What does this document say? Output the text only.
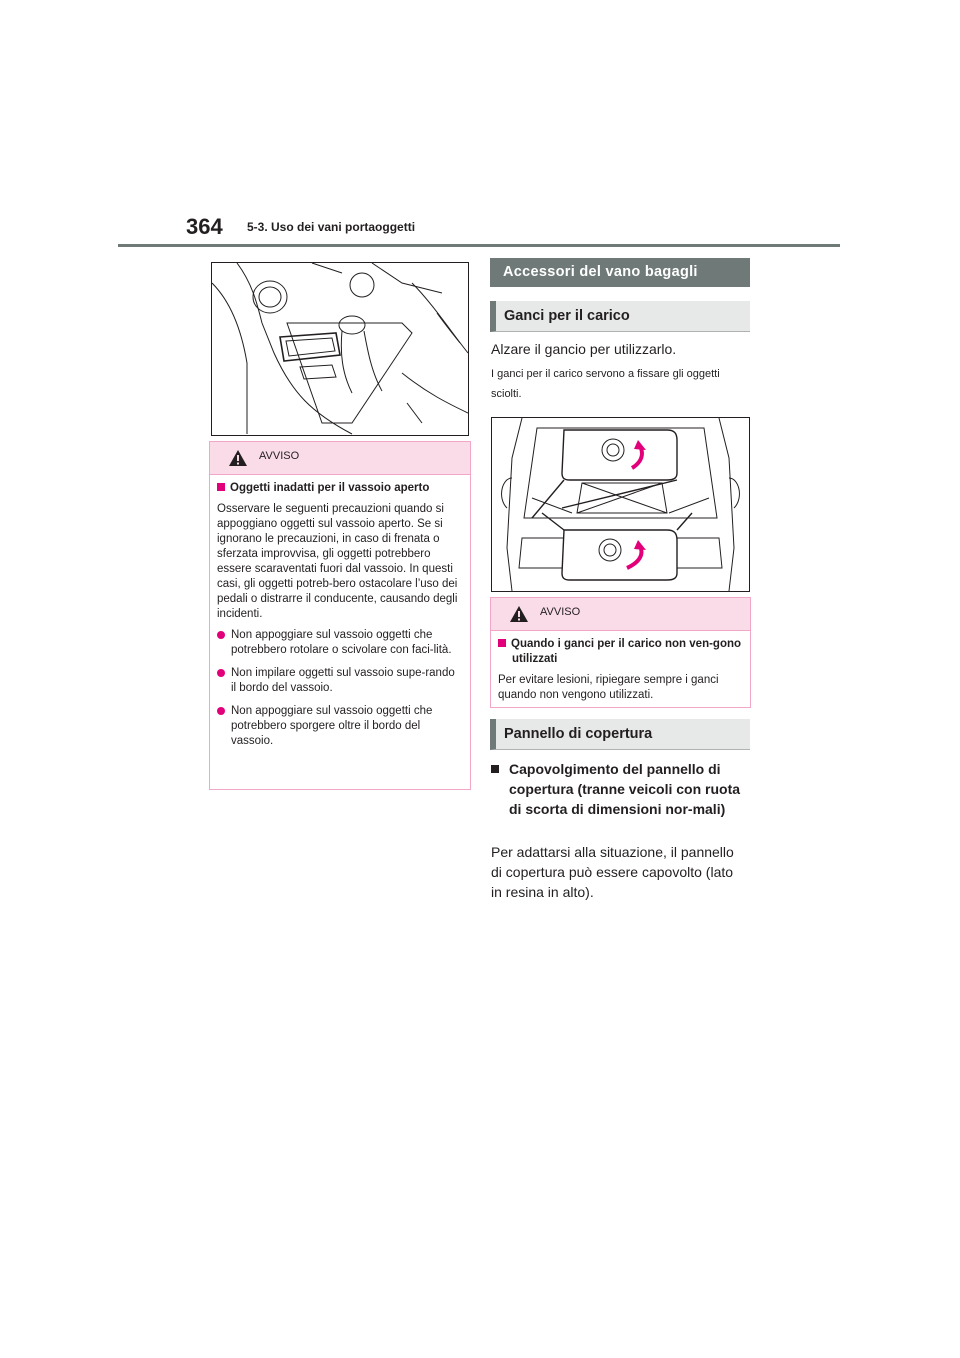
364 5-3. Uso dei vani portaoggetti
AVVISO
Oggetti inadatti per il vassoio aperto
Osservare le seguenti precauzioni quando si appoggiano oggetti sul vassoio aperto. Se si ignorano le precauzioni, in caso di frenata o sferzata improvvisa, gli oggetti potrebbero essere scaraventati fuori dal vassoio. In questi casi, gli oggetti potreb-bero ostacolare l’uso dei pedali o distrarre il conducente, causando degli incidenti.
Non appoggiare sul vassoio oggetti che potrebbero rotolare o scivolare con faci-lità.
Non impilare oggetti sul vassoio supe-rando il bordo del vassoio.
Non appoggiare sul vassoio oggetti che potrebbero sporgere oltre il bordo del vassoio.
Accessori del vano bagagli
Ganci per il carico
Alzare il gancio per utilizzarlo.
I ganci per il carico servono a fissare gli oggetti sciolti.
AVVISO
Quando i ganci per il carico non ven-gono utilizzati
Per evitare lesioni, ripiegare sempre i ganci quando non vengono utilizzati.
Pannello di copertura
Capovolgimento del pannello di copertura (tranne veicoli con ruota di scorta di dimensioni nor-mali)
Per adattarsi alla situazione, il pannello di copertura può essere capovolto (lato in resina in alto).
